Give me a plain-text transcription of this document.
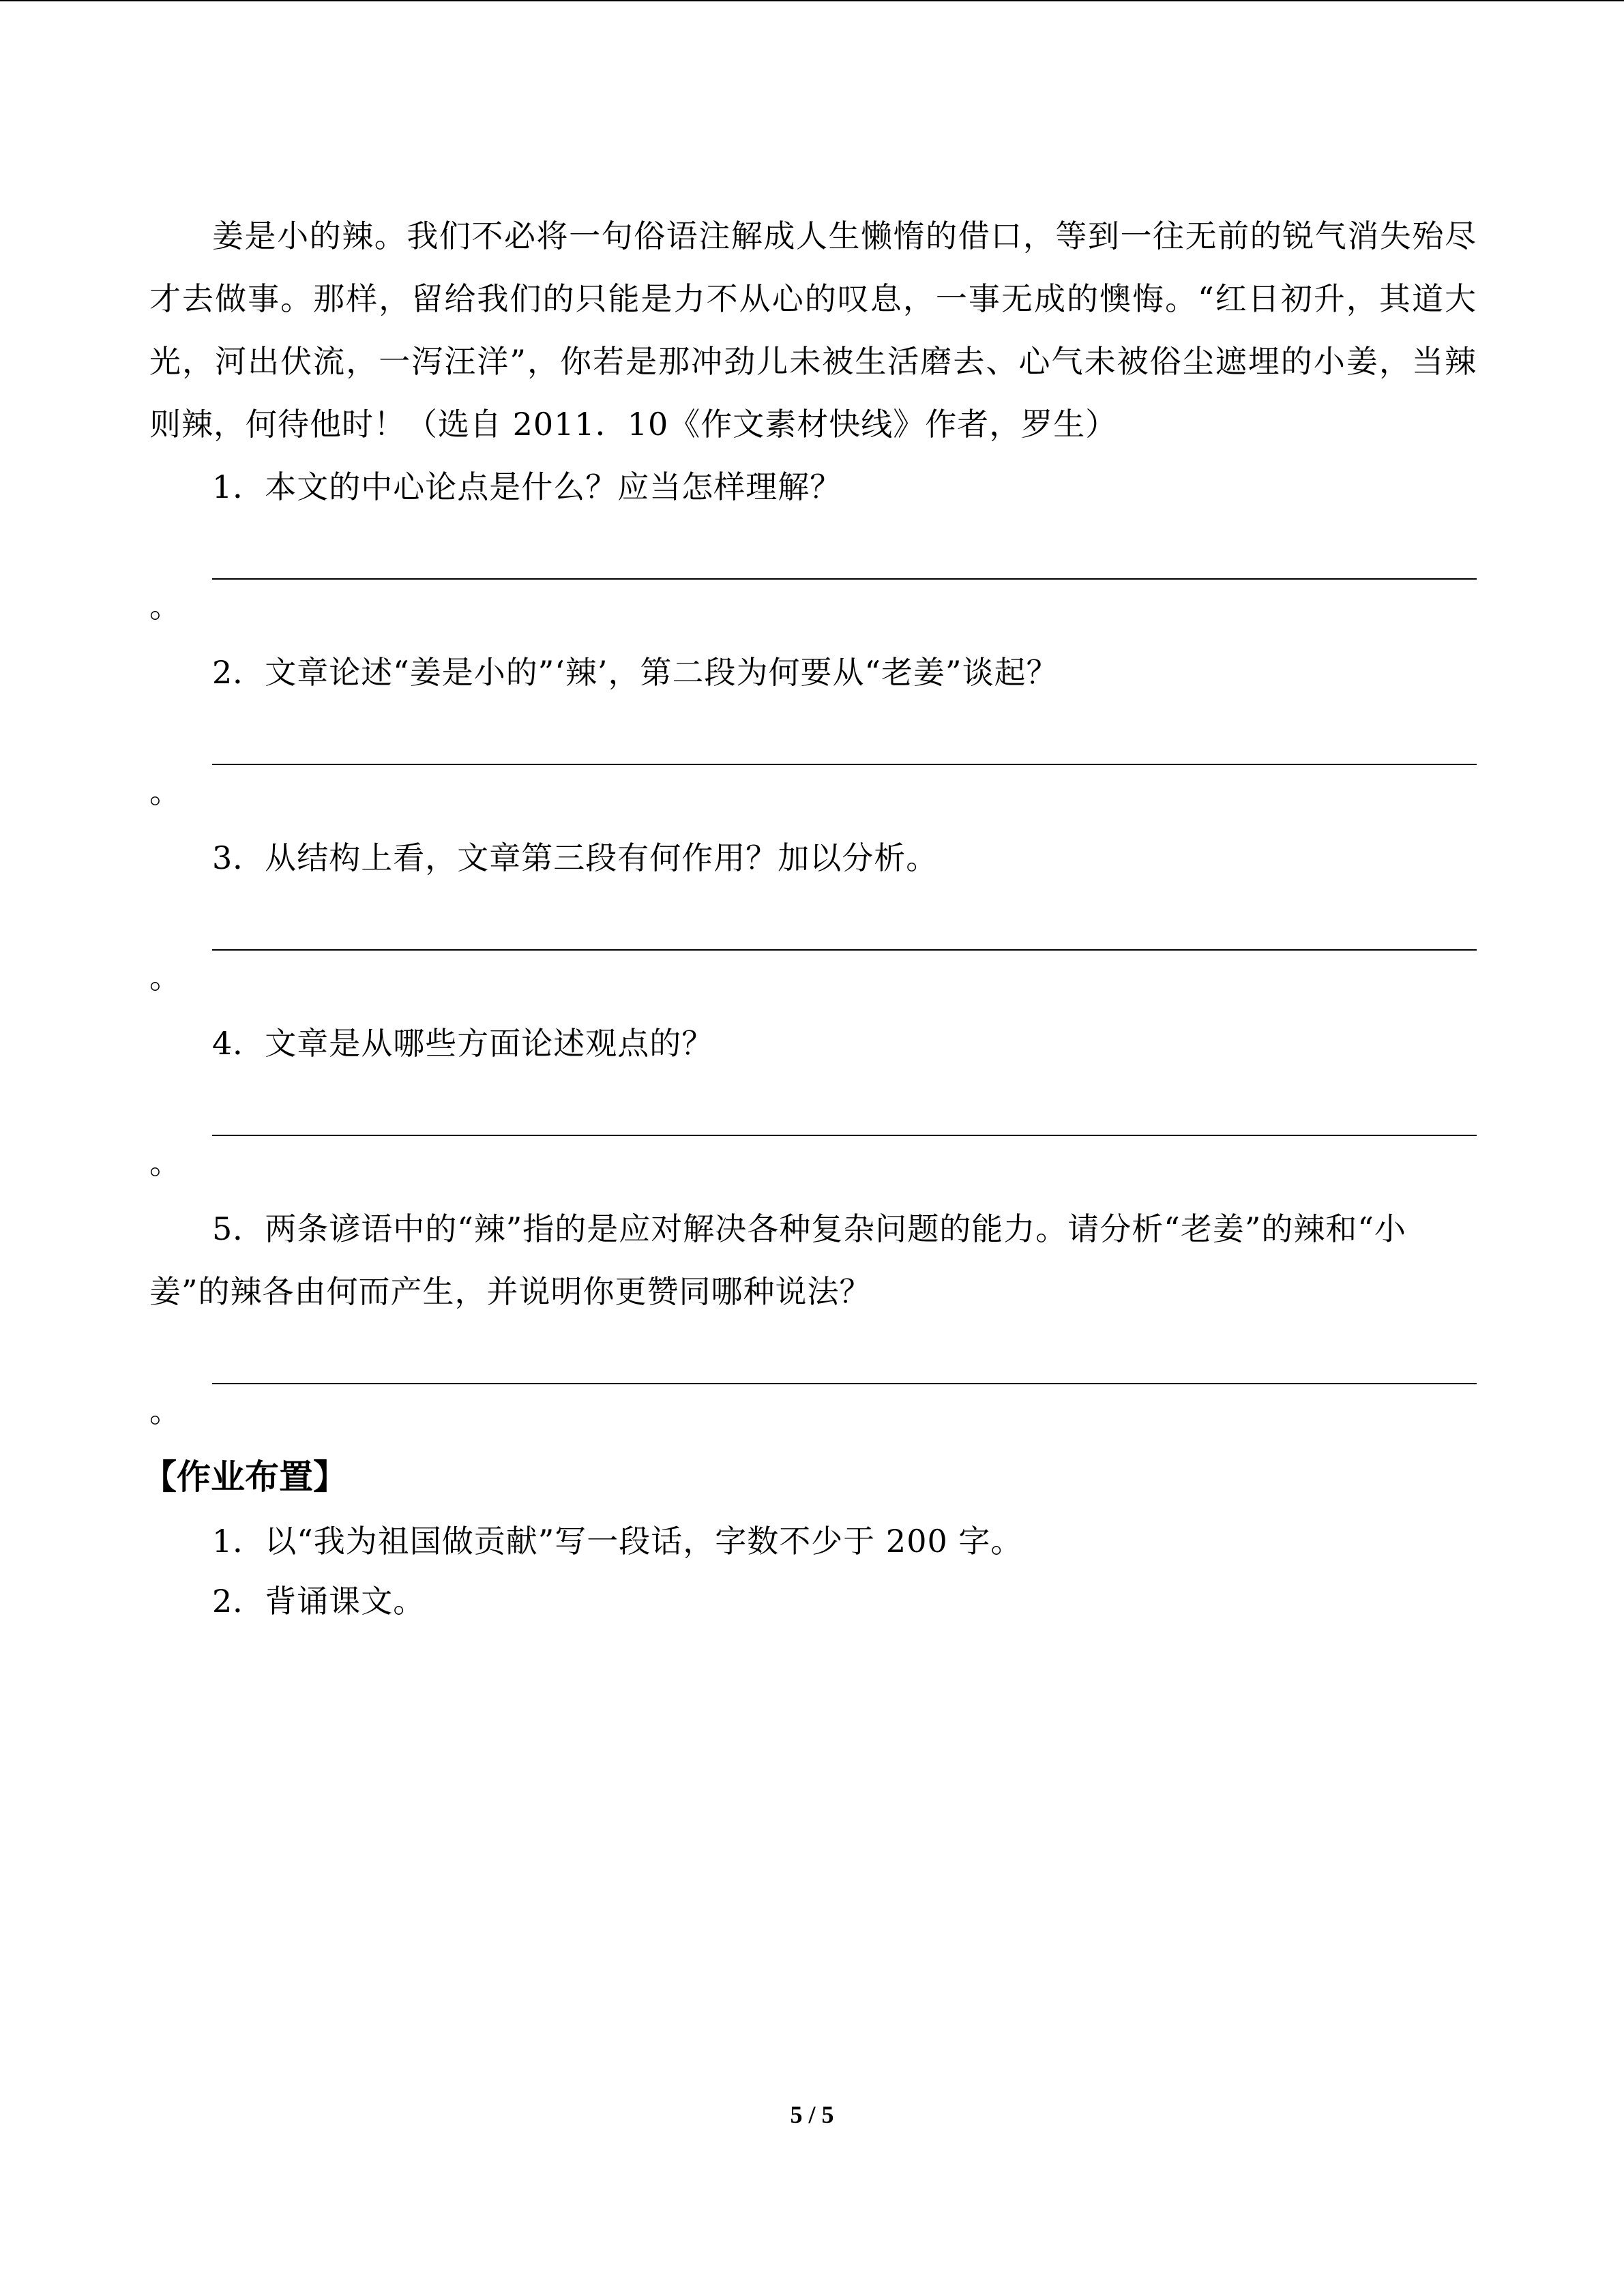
姜是小的辣。我们不必将一句俗语注解成人生懒惰的借口，等到一往无前的锐气消失殆尽才去做事。那样，留给我们的只能是力不从心的叹息，一事无成的懊悔。“红日初升，其道大光，河出伏流，一泻汪洋”，你若是那冲劲儿未被生活磨去、心气未被俗尘遮埋的小姜，当辣则辣，何待他时！（选自 2011．10《作文素材快线》作者，罗生）

1．本文的中心论点是什么？应当怎样理解？

。

2．文章论述“姜是小的”‘辣’，第二段为何要从“老姜”谈起？

。

3．从结构上看，文章第三段有何作用？加以分析。

。

4．文章是从哪些方面论述观点的？

。

5．两条谚语中的“辣”指的是应对解决各种复杂问题的能力。请分析“老姜”的辣和“小姜”的辣各由何而产生，并说明你更赞同哪种说法？

。

【作业布置】

1．以“我为祖国做贡献”写一段话，字数不少于 200 字。

2．背诵课文。

5 / 5
